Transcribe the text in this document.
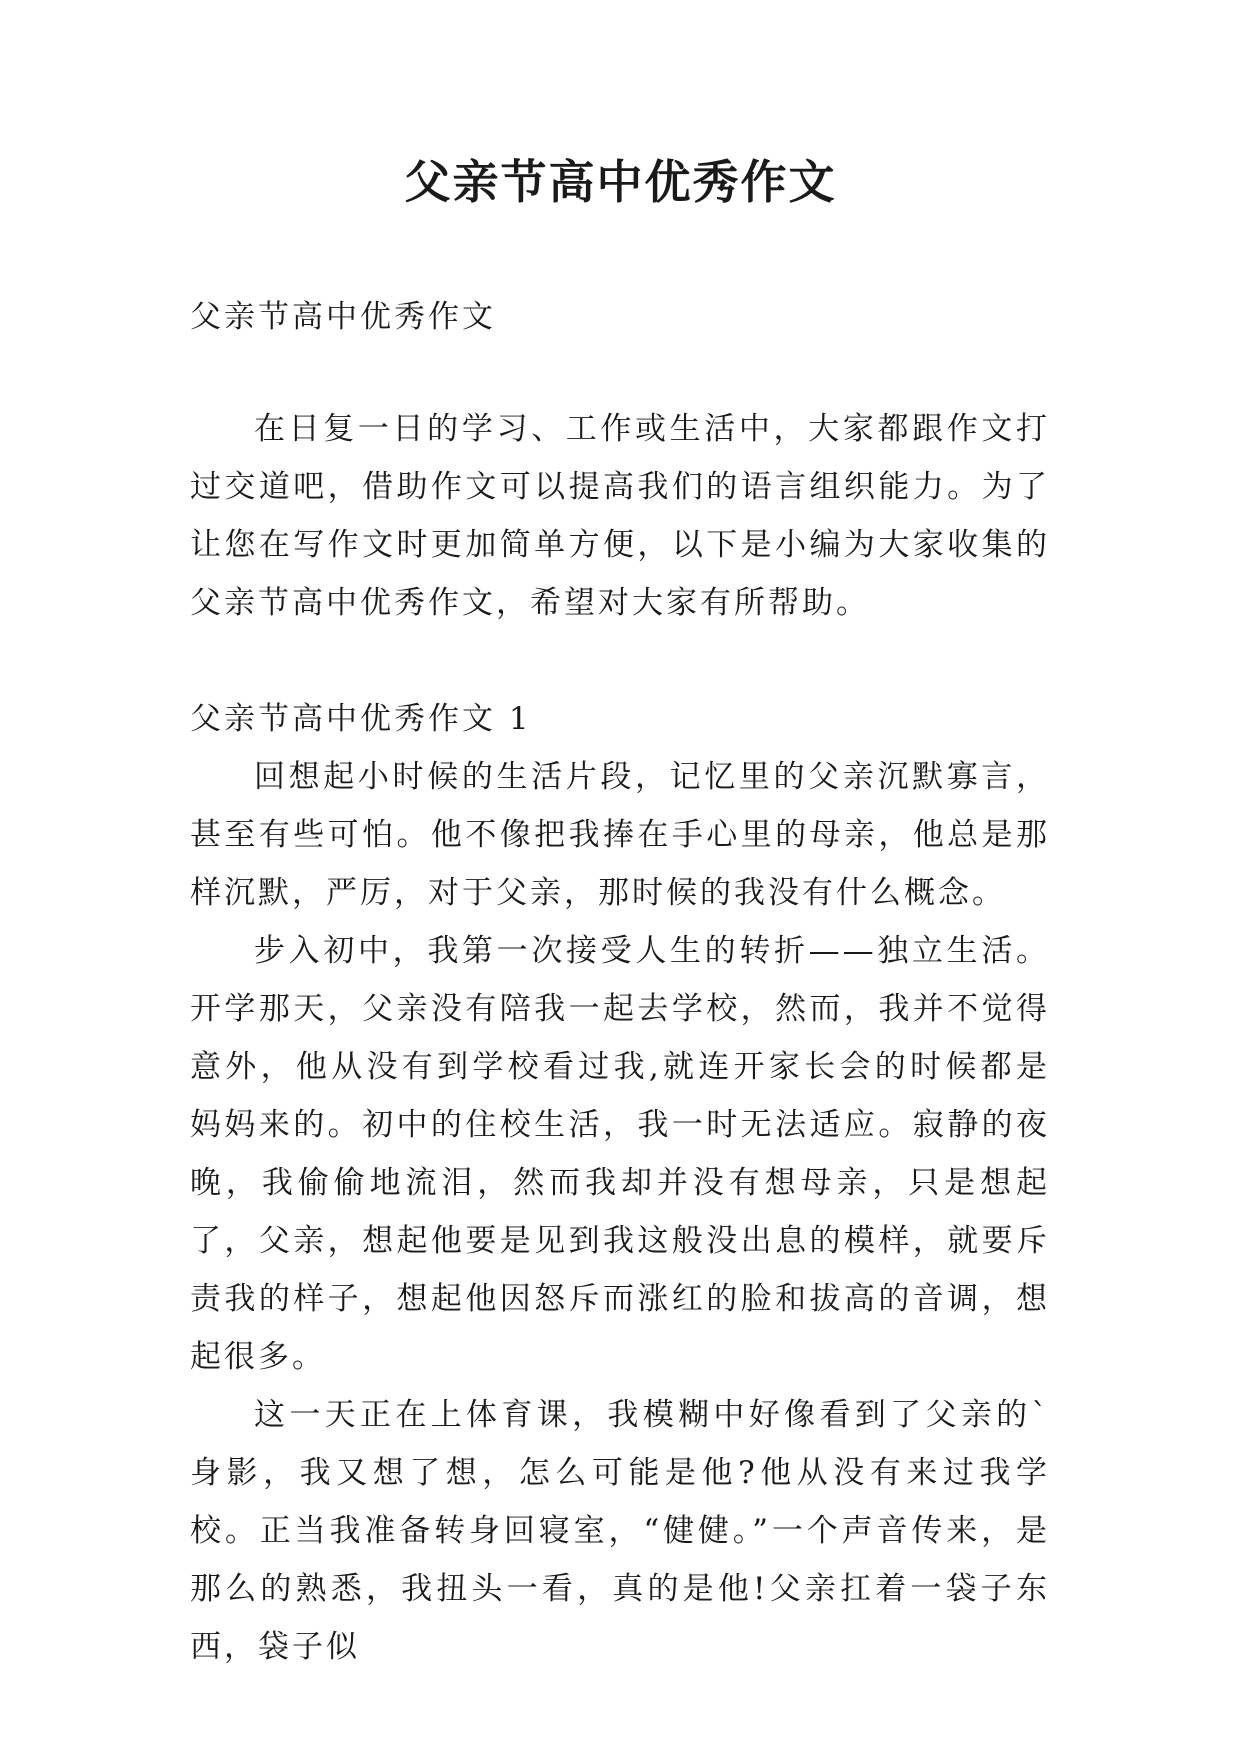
父亲节高中优秀作文

父亲节高中优秀作文

在日复一日的学习、工作或生活中，大家都跟作文打过交道吧，借助作文可以提高我们的语言组织能力。为了让您在写作文时更加简单方便，以下是小编为大家收集的父亲节高中优秀作文，希望对大家有所帮助。

父亲节高中优秀作文 1

回想起小时候的生活片段，记忆里的父亲沉默寡言，甚至有些可怕。他不像把我捧在手心里的母亲，他总是那样沉默，严厉，对于父亲，那时候的我没有什么概念。

步入初中，我第一次接受人生的转折——独立生活。开学那天，父亲没有陪我一起去学校，然而，我并不觉得意外，他从没有到学校看过我,就连开家长会的时候都是妈妈来的。初中的住校生活，我一时无法适应。寂静的夜晚，我偷偷地流泪，然而我却并没有想母亲，只是想起了，父亲，想起他要是见到我这般没出息的模样，就要斥责我的样子，想起他因怒斥而涨红的脸和拔高的音调，想起很多。

这一天正在上体育课，我模糊中好像看到了父亲的`身影，我又想了想，怎么可能是他?他从没有来过我学校。正当我准备转身回寝室，“健健。”一个声音传来，是那么的熟悉，我扭头一看，真的是他!父亲扛着一袋子东西，袋子似
